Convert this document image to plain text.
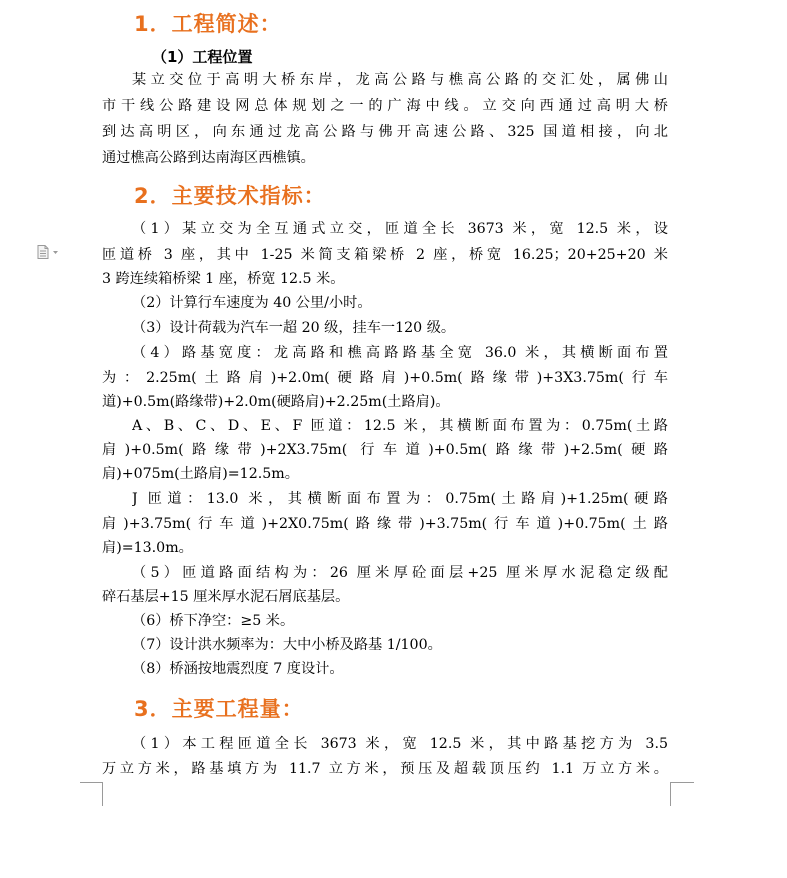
1．工程简述：
（1）工程位置
某立交位于高明大桥东岸，龙高公路与樵高公路的交汇处，属佛山
市干线公路建设网总体规划之一的广海中线。立交向西通过高明大桥
到达高明区，向东通过龙高公路与佛开高速公路、325 国道相接，向北
通过樵高公路到达南海区西樵镇。
2．主要技术指标：
（1）某立交为全互通式立交，匝道全长 3673 米，宽 12.5 米，设
匝道桥 3 座，其中 1-25 米简支箱梁桥 2 座，桥宽 16.25；20+25+20 米
3 跨连续箱桥梁 1 座，桥宽 12.5 米。
（2）计算行车速度为 40 公里/小时。
（3）设计荷载为汽车一超 20 级，挂车一120 级。
（4）路基宽度：龙高路和樵高路路基全宽 36.0 米，其横断面布置
为：2.25m(土路肩)+2.0m(硬路肩)+0.5m(路缘带)+3X3.75m(行车
道)+0.5m(路缘带)+2.0m(硬路肩)+2.25m(土路肩)。
A、B、C、D、E、F 匝道：12.5 米，其横断面布置为：0.75m(土路
肩)+0.5m(路缘带)+2X3.75m( 行车道)+0.5m(路缘带)+2.5m(硬路
肩)+075m(土路肩)=12.5m。
J 匝道：13.0 米，其横断面布置为：0.75m(土路肩)+1.25m(硬路
肩)+3.75m(行车道)+2X0.75m(路缘带)+3.75m(行车道)+0.75m(土路
肩)=13.0m。
（5）匝道路面结构为：26 厘米厚砼面层+25 厘米厚水泥稳定级配
碎石基层+15 厘米厚水泥石屑底基层。
（6）桥下净空：≥5 米。
（7）设计洪水频率为：大中小桥及路基 1/100。
（8）桥涵按地震烈度 7 度设计。
3．主要工程量：
（1）本工程匝道全长 3673 米，宽 12.5 米，其中路基挖方为 3.5
万立方米，路基填方为 11.7 立方米，预压及超载顶压约 1.1 万立方米。
